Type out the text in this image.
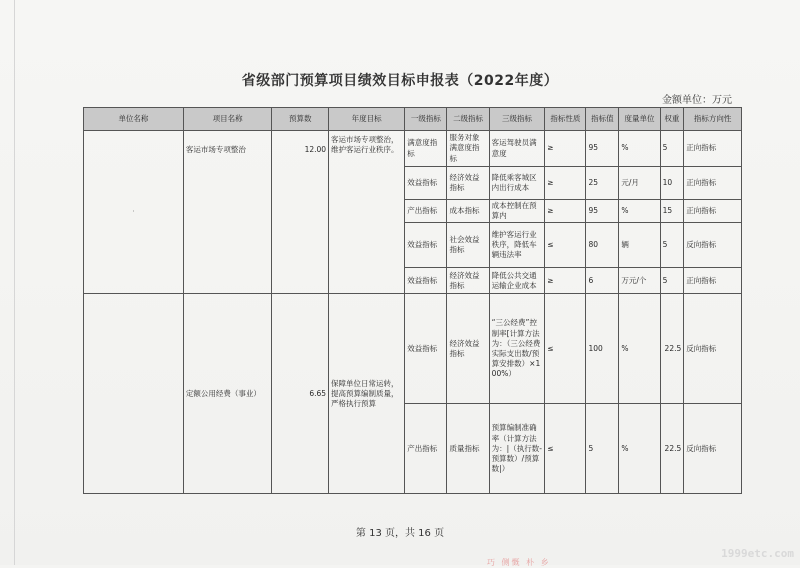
省级部门预算项目绩效目标申报表（2022年度）
金额单位：万元
单位名称	项目名称	预算数	年度目标	一级指标	二级指标	三级指标	指标性质	指标值	度量单位	权重	指标方向性
·	客运市场专项整治	12.00	客运市场专项整治，维护客运行业秩序。	满意度指标	服务对象满意度指标	客运驾驶员满意度	≥	95	%	5	正向指标
				效益指标	经济效益指标	降低乘客城区内出行成本	≥	25	元/月	10	正向指标
				产出指标	成本指标	成本控制在预算内	≥	95	%	15	正向指标
				效益指标	社会效益指标	维护客运行业秩序，降低车辆违法率	≤	80	辆	5	反向指标
				效益指标	经济效益指标	降低公共交通运输企业成本	≥	6	万元/个	5	正向指标
	定额公用经费（事业）	6.65	保障单位日常运转，提高预算编制质量，严格执行预算	效益指标	经济效益指标	“三公经费”控制率[计算方法为：（三公经费实际支出数/预算安排数）×100%）	≤	100	%	22.5	反向指标
				产出指标	质量指标	预算编制准确率（计算方法为：|（执行数-预算数）/预算数|）	≤	5	%	22.5	反向指标
第 13 页，共 16 页
巧 侧慨 朴 乡
1999etc.com
